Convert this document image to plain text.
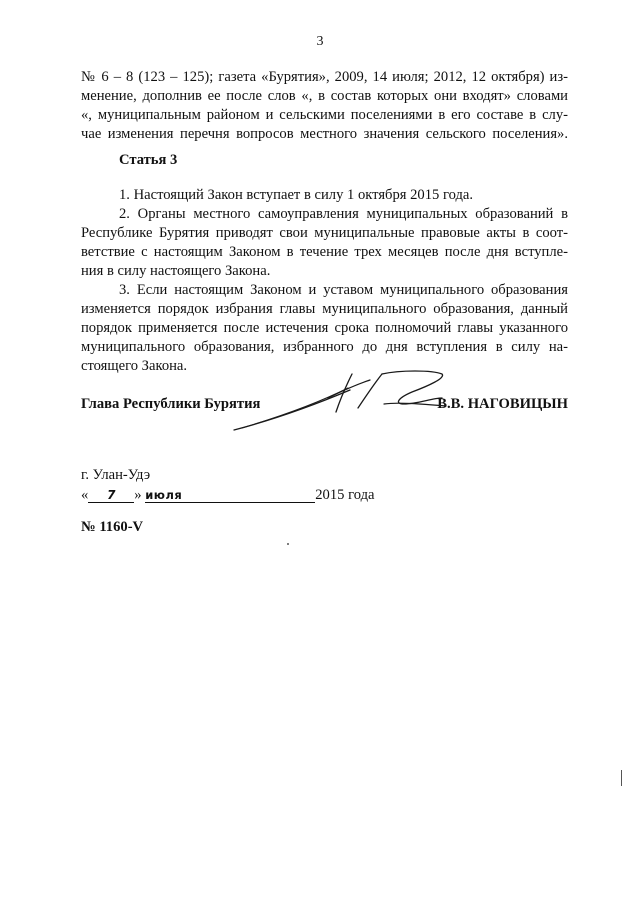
3
№ 6 – 8 (123 – 125); газета «Бурятия», 2009, 14 июля; 2012, 12 октября) из-
менение, дополнив ее после слов «, в состав которых они входят» словами
«, муниципальным районом и сельскими поселениями в его составе в слу-
чае изменения перечня вопросов местного значения сельского поселения».
Статья 3
1. Настоящий Закон вступает в силу 1 октября 2015 года.
2. Органы местного самоуправления муниципальных образований в
Республике Бурятия приводят свои муниципальные правовые акты в соот-
ветствие с настоящим Законом в течение трех месяцев после дня вступле-
ния в силу настоящего Закона.
3. Если настоящим Законом и уставом муниципального образования
изменяется порядок избрания главы муниципального образования, данный
порядок применяется после истечения срока полномочий главы указанного
муниципального образования, избранного до дня вступления в силу на-
стоящего Закона.
Глава Республики Бурятия	В.В. НАГОВИЦЫН
г. Улан-Удэ
« 7 » июля	2015 года
№ 1160-V
